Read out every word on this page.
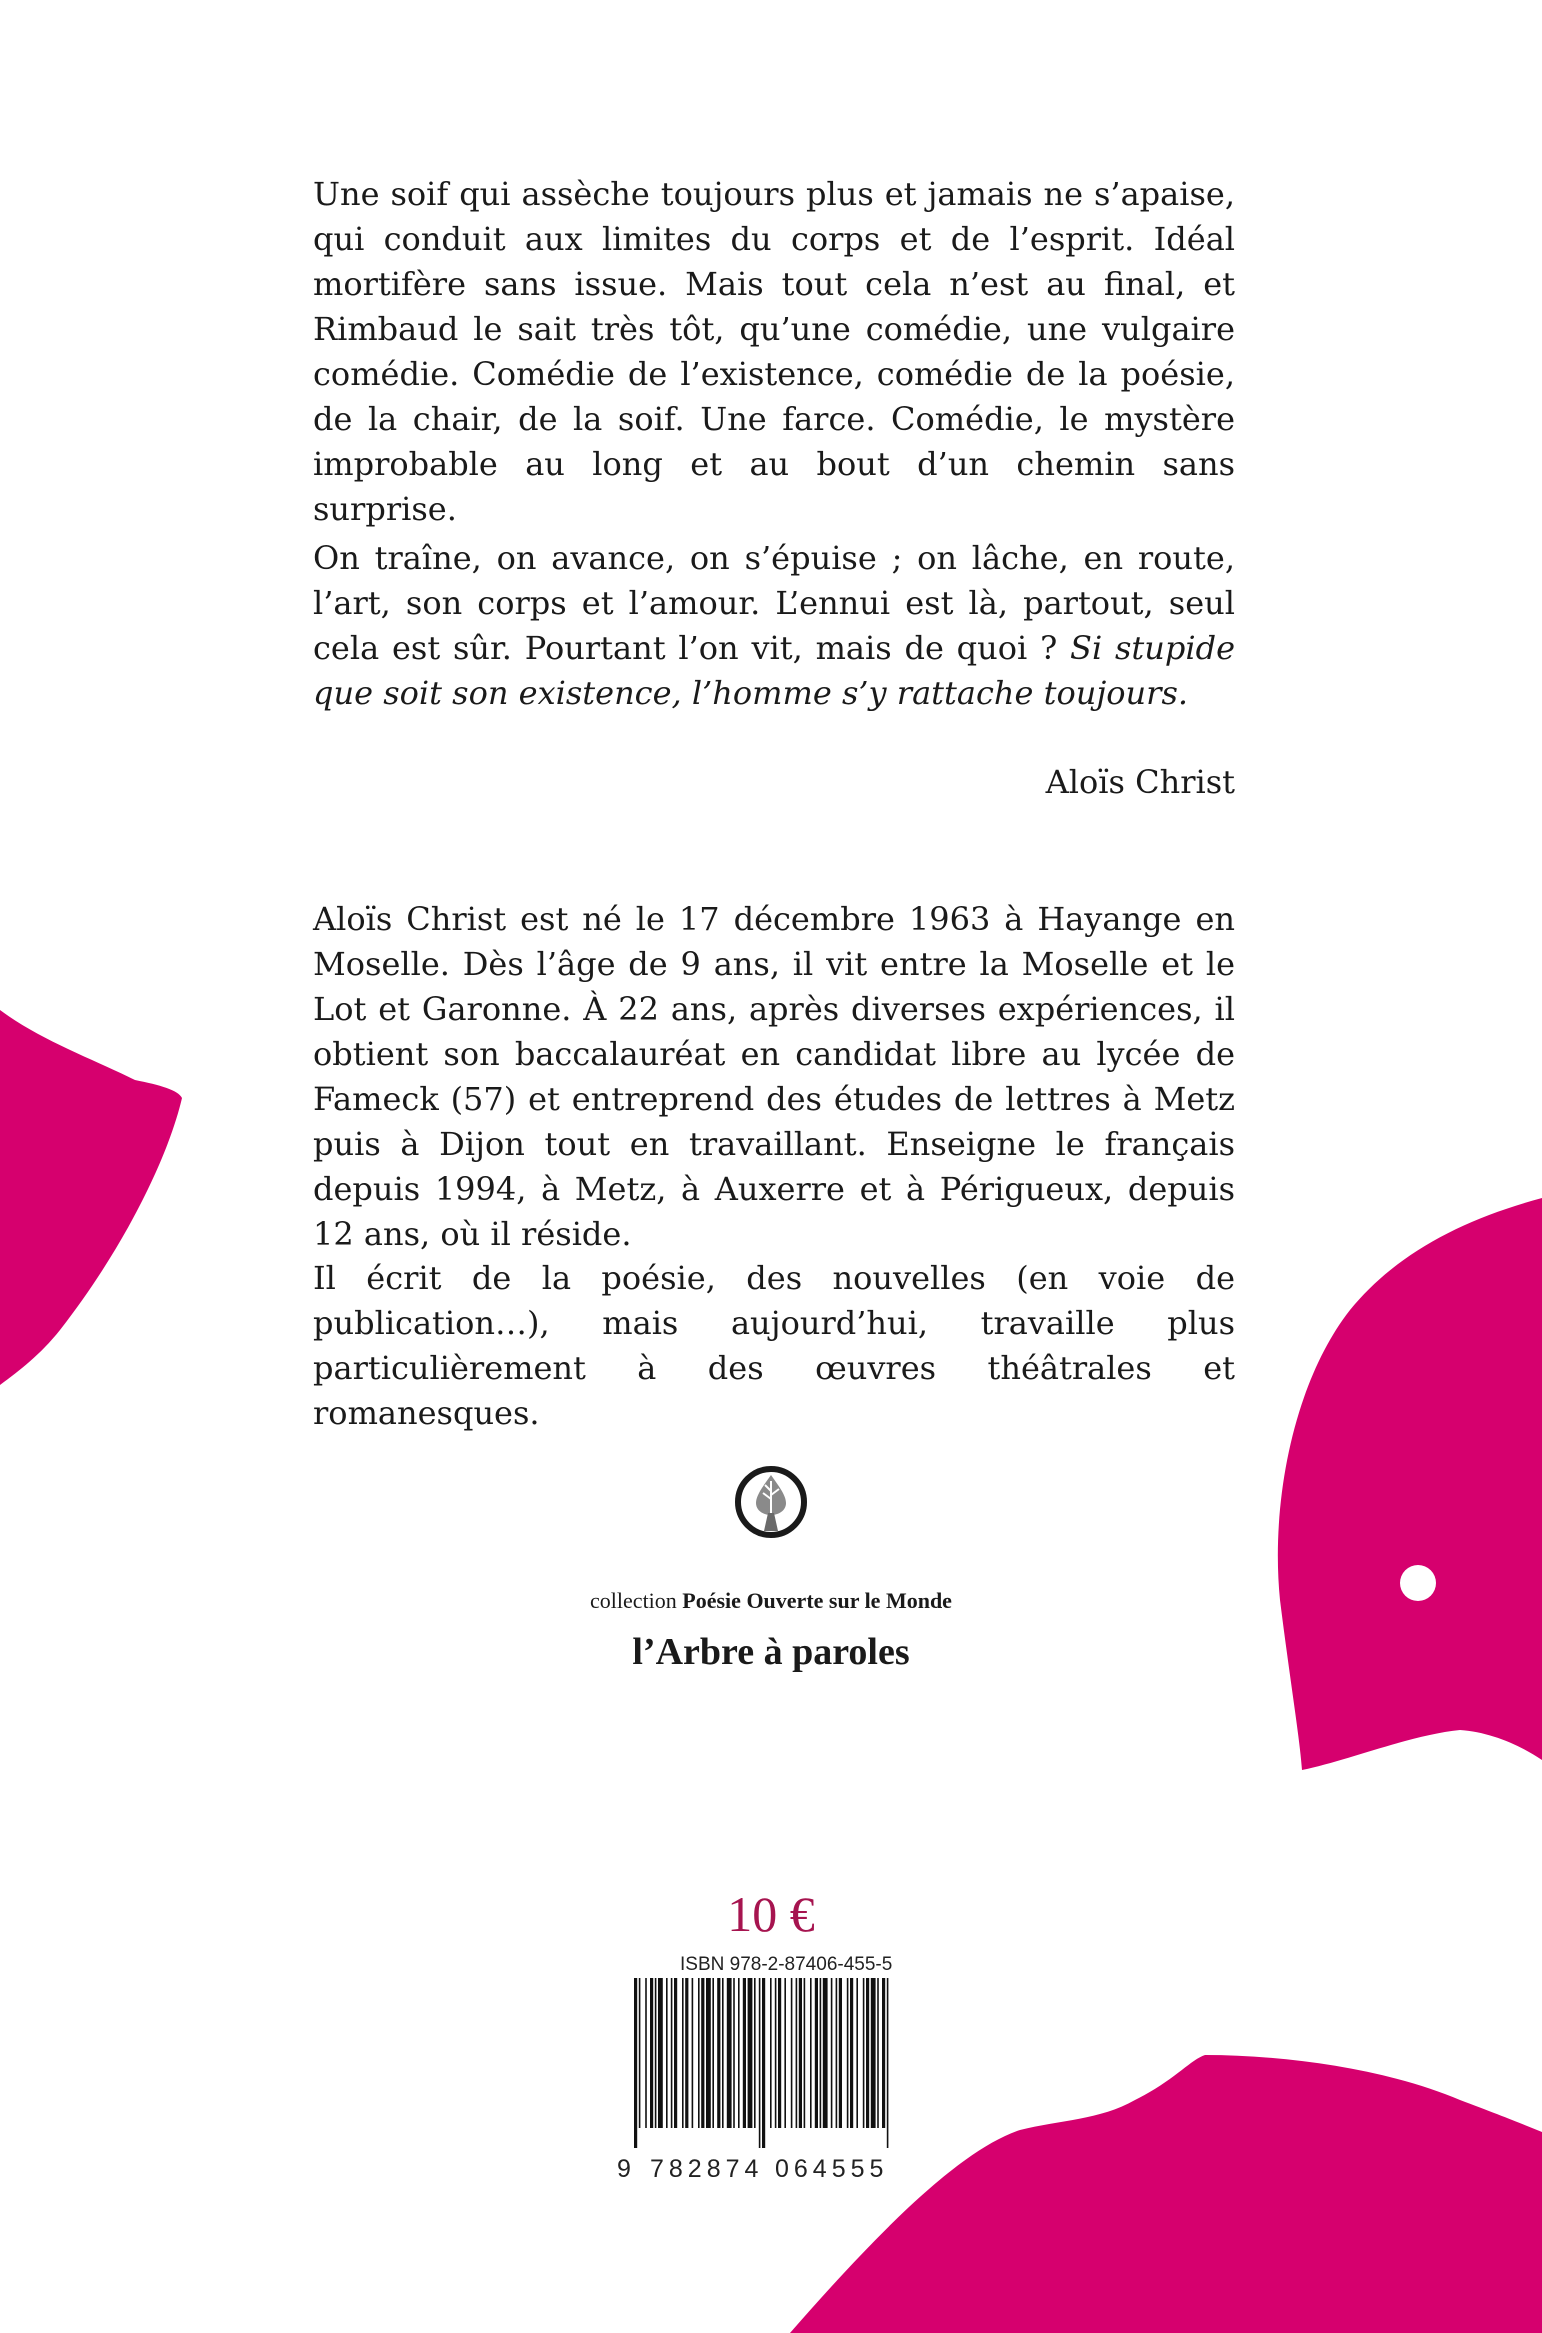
Une soif qui assèche toujours plus et jamais ne s’apaise, qui conduit aux limites du corps et de l’esprit. Idéal mortifère sans issue. Mais tout cela n’est au final, et Rimbaud le sait très tôt, qu’une comédie, une vulgaire comédie. Comédie de l’existence, comédie de la poésie, de la chair, de la soif. Une farce. Comédie, le mystère improbable au long et au bout d’un chemin sans surprise.

On traîne, on avance, on s’épuise ; on lâche, en route, l’art, son corps et l’amour. L’ennui est là, partout, seul cela est sûr. Pourtant l’on vit, mais de quoi ? Si stupide que soit son existence, l’homme s’y rattache toujours.

Aloïs Christ

Aloïs Christ est né le 17 décembre 1963 à Hayange en Moselle. Dès l’âge de 9 ans, il vit entre la Moselle et le Lot et Garonne. À 22 ans, après diverses expériences, il obtient son baccalauréat en candidat libre au lycée de Fameck (57) et entreprend des études de lettres à Metz puis à Dijon tout en travaillant. Enseigne le français depuis 1994, à Metz, à Auxerre et à Périgueux, depuis 12 ans, où il réside.

Il écrit de la poésie, des nouvelles (en voie de publication…), mais aujourd’hui, travaille plus particulièrement à des œuvres théâtrales et romanesques.

collection Poésie Ouverte sur le Monde
l’Arbre à paroles
10 €
ISBN 978-2-87406-455-5
9 782874 064555
